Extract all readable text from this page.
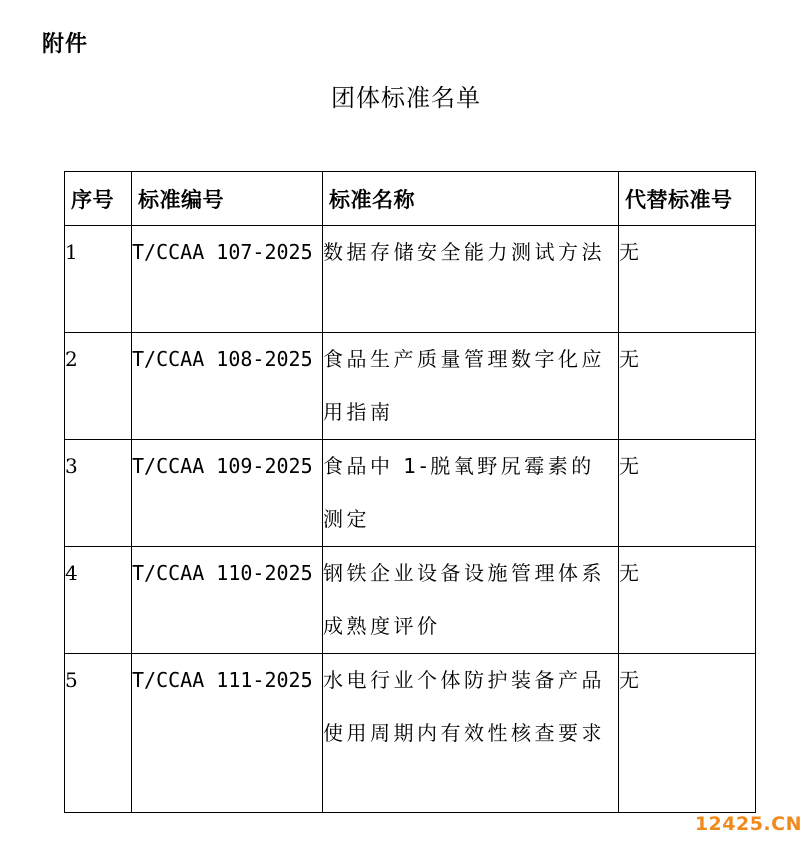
附件
团体标准名单
序号	标准编号	标准名称	代替标准号
1	T/CCAA 107-2025	数据存储安全能力测试方法	无
2	T/CCAA 108-2025	食品生产质量管理数字化应用指南	无
3	T/CCAA 109-2025	食品中 1-脱氧野尻霉素的测定	无
4	T/CCAA 110-2025	钢铁企业设备设施管理体系成熟度评价	无
5	T/CCAA 111-2025	水电行业个体防护装备产品使用周期内有效性核查要求	无
12425.CN
